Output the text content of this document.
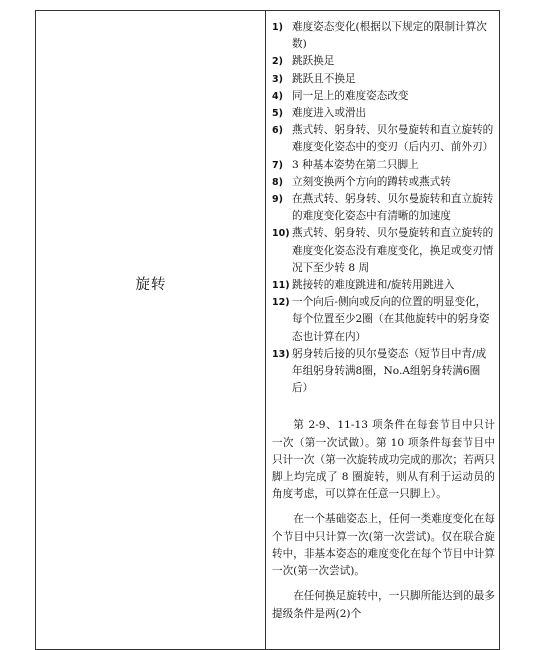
旋转
1) 难度姿态变化(根据以下规定的限制计算次数)
2) 跳跃换足
3) 跳跃且不换足
4) 同一足上的难度姿态改变
5) 难度进入或滑出
6) 燕式转、躬身转、贝尔曼旋转和直立旋转的难度变化姿态中的变刃（后内刃、前外刃）
7) 3 种基本姿势在第二只脚上
8) 立刻变换两个方向的蹲转或燕式转
9) 在燕式转、躬身转、贝尔曼旋转和直立旋转的难度变化姿态中有清晰的加速度
10) 燕式转、躬身转、贝尔曼旋转和直立旋转的难度变化姿态没有难度变化，换足或变刃情况下至少转 8 周
11) 跳接转的难度跳进和/旋转用跳进入
12) 一个向后-侧向或反向的位置的明显变化，每个位置至少2圈（在其他旋转中的躬身姿态也计算在内）
13) 躬身转后接的贝尔曼姿态（短节目中青/成年组躬身转满8圈，No.A组躬身转满6圈后）

第 2-9、11-13 项条件在每套节目中只计一次（第一次试做）。第 10 项条件每套节目中只计一次（第一次旋转成功完成的那次；若两只脚上均完成了 8 圈旋转，则从有利于运动员的角度考虑，可以算在任意一只脚上）。

在一个基础姿态上，任何一类难度变化在每个节目中只计算一次(第一次尝试)。仅在联合旋转中，非基本姿态的难度变化在每个节目中计算一次(第一次尝试)。

在任何换足旋转中，一只脚所能达到的最多提级条件是两(2)个
